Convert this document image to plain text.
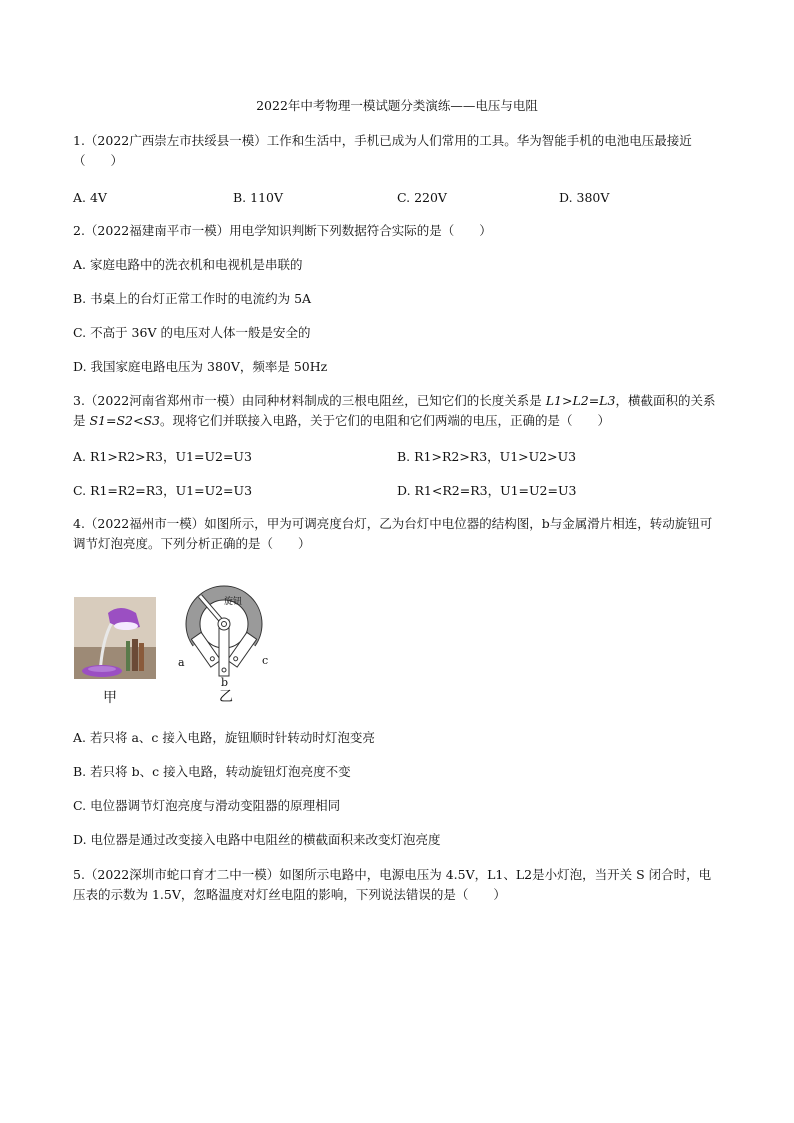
2022年中考物理一模试题分类演练——电压与电阻
1.（2022广西崇左市扶绥县一模）工作和生活中，手机已成为人们常用的工具。华为智能手机的电池电压最接近（　　）
A. 4V	B. 110V	C. 220V	D. 380V
2.（2022福建南平市一模）用电学知识判断下列数据符合实际的是（　　）
A. 家庭电路中的洗衣机和电视机是串联的
B. 书桌上的台灯正常工作时的电流约为 5A
C. 不高于 36V 的电压对人体一般是安全的
D. 我国家庭电路电压为 380V，频率是 50Hz
3.（2022河南省郑州市一模）由同种材料制成的三根电阻丝，已知它们的长度关系是 L1>L2=L3，横截面积的关系是 S1=S2<S3。现将它们并联接入电路，关于它们的电阻和它们两端的电压，正确的是（　　）
A. R1>R2>R3，U1=U2=U3	B. R1>R2>R3，U1>U2>U3
C. R1=R2=R3，U1=U2=U3	D. R1<R2=R3，U1=U2=U3
4.（2022福州市一模）如图所示，甲为可调亮度台灯，乙为台灯中电位器的结构图，b与金属滑片相连，转动旋钮可调节灯泡亮度。下列分析正确的是（　　）
甲
旋钮
a
b
c
乙
A. 若只将 a、c 接入电路，旋钮顺时针转动时灯泡变亮
B. 若只将 b、c 接入电路，转动旋钮灯泡亮度不变
C. 电位器调节灯泡亮度与滑动变阻器的原理相同
D. 电位器是通过改变接入电路中电阻丝的横截面积来改变灯泡亮度
5.（2022深圳市蛇口育才二中一模）如图所示电路中，电源电压为 4.5V，L1、L2是小灯泡，当开关 S 闭合时，电压表的示数为 1.5V，忽略温度对灯丝电阻的影响，下列说法错误的是（　　）
